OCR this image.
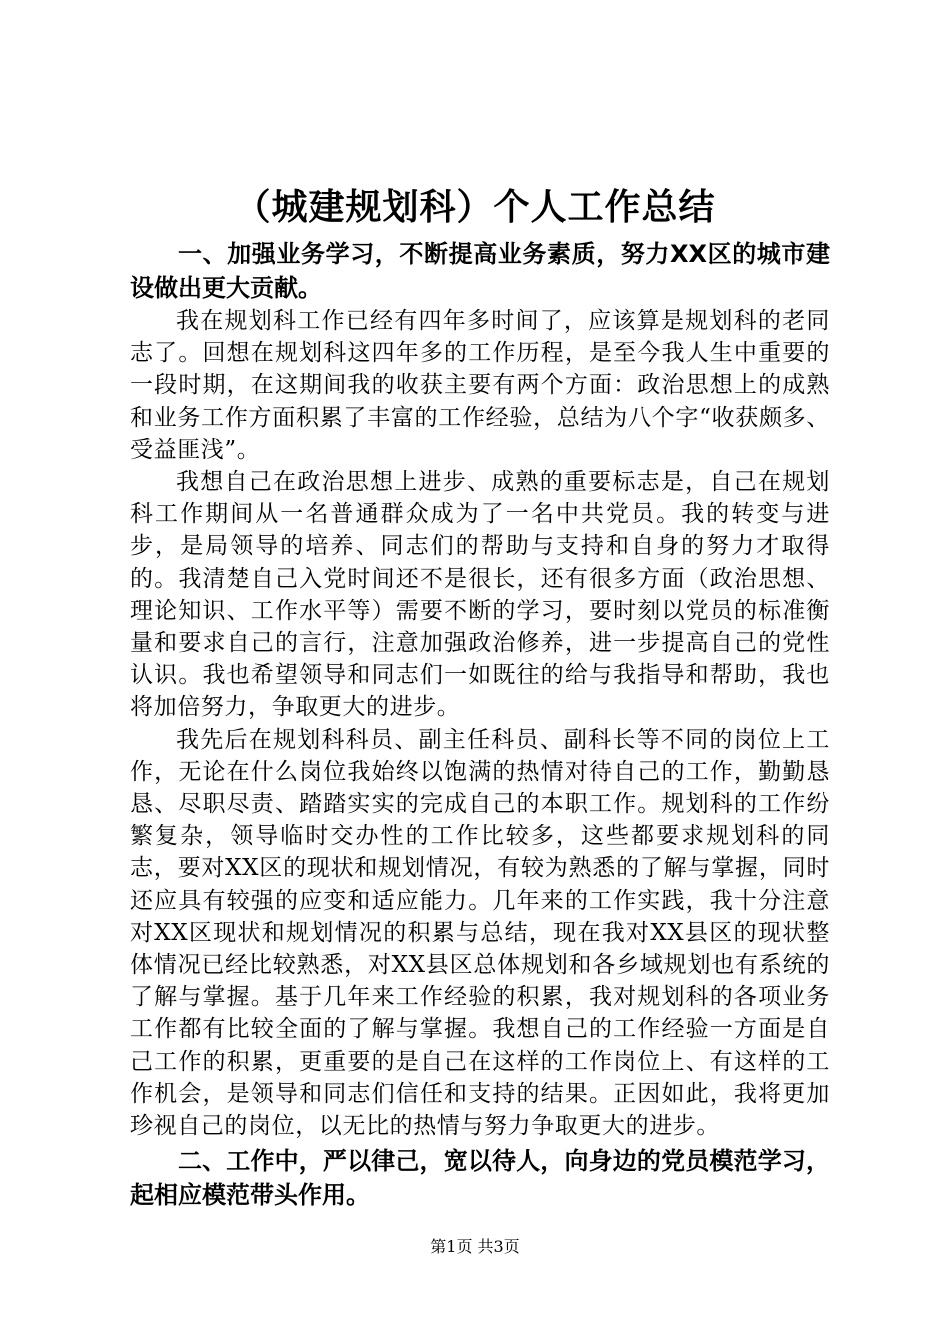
（城建规划科）个人工作总结

一、加强业务学习，不断提高业务素质，努力XX区的城市建设做出更大贡献。

我在规划科工作已经有四年多时间了，应该算是规划科的老同志了。回想在规划科这四年多的工作历程，是至今我人生中重要的一段时期，在这期间我的收获主要有两个方面：政治思想上的成熟和业务工作方面积累了丰富的工作经验，总结为八个字“收获颇多、受益匪浅”。

我想自己在政治思想上进步、成熟的重要标志是，自己在规划科工作期间从一名普通群众成为了一名中共党员。我的转变与进步，是局领导的培养、同志们的帮助与支持和自身的努力才取得的。我清楚自己入党时间还不是很长，还有很多方面（政治思想、理论知识、工作水平等）需要不断的学习，要时刻以党员的标准衡量和要求自己的言行，注意加强政治修养，进一步提高自己的党性认识。我也希望领导和同志们一如既往的给与我指导和帮助，我也将加倍努力，争取更大的进步。

我先后在规划科科员、副主任科员、副科长等不同的岗位上工作，无论在什么岗位我始终以饱满的热情对待自己的工作，勤勤恳恳、尽职尽责、踏踏实实的完成自己的本职工作。规划科的工作纷繁复杂，领导临时交办性的工作比较多，这些都要求规划科的同志，要对XX区的现状和规划情况，有较为熟悉的了解与掌握，同时还应具有较强的应变和适应能力。几年来的工作实践，我十分注意对XX区现状和规划情况的积累与总结，现在我对XX县区的现状整体情况已经比较熟悉，对XX县区总体规划和各乡域规划也有系统的了解与掌握。基于几年来工作经验的积累，我对规划科的各项业务工作都有比较全面的了解与掌握。我想自己的工作经验一方面是自己工作的积累，更重要的是自己在这样的工作岗位上、有这样的工作机会，是领导和同志们信任和支持的结果。正因如此，我将更加珍视自己的岗位，以无比的热情与努力争取更大的进步。

二、工作中，严以律己，宽以待人，向身边的党员模范学习，起相应模范带头作用。

第1页 共3页
